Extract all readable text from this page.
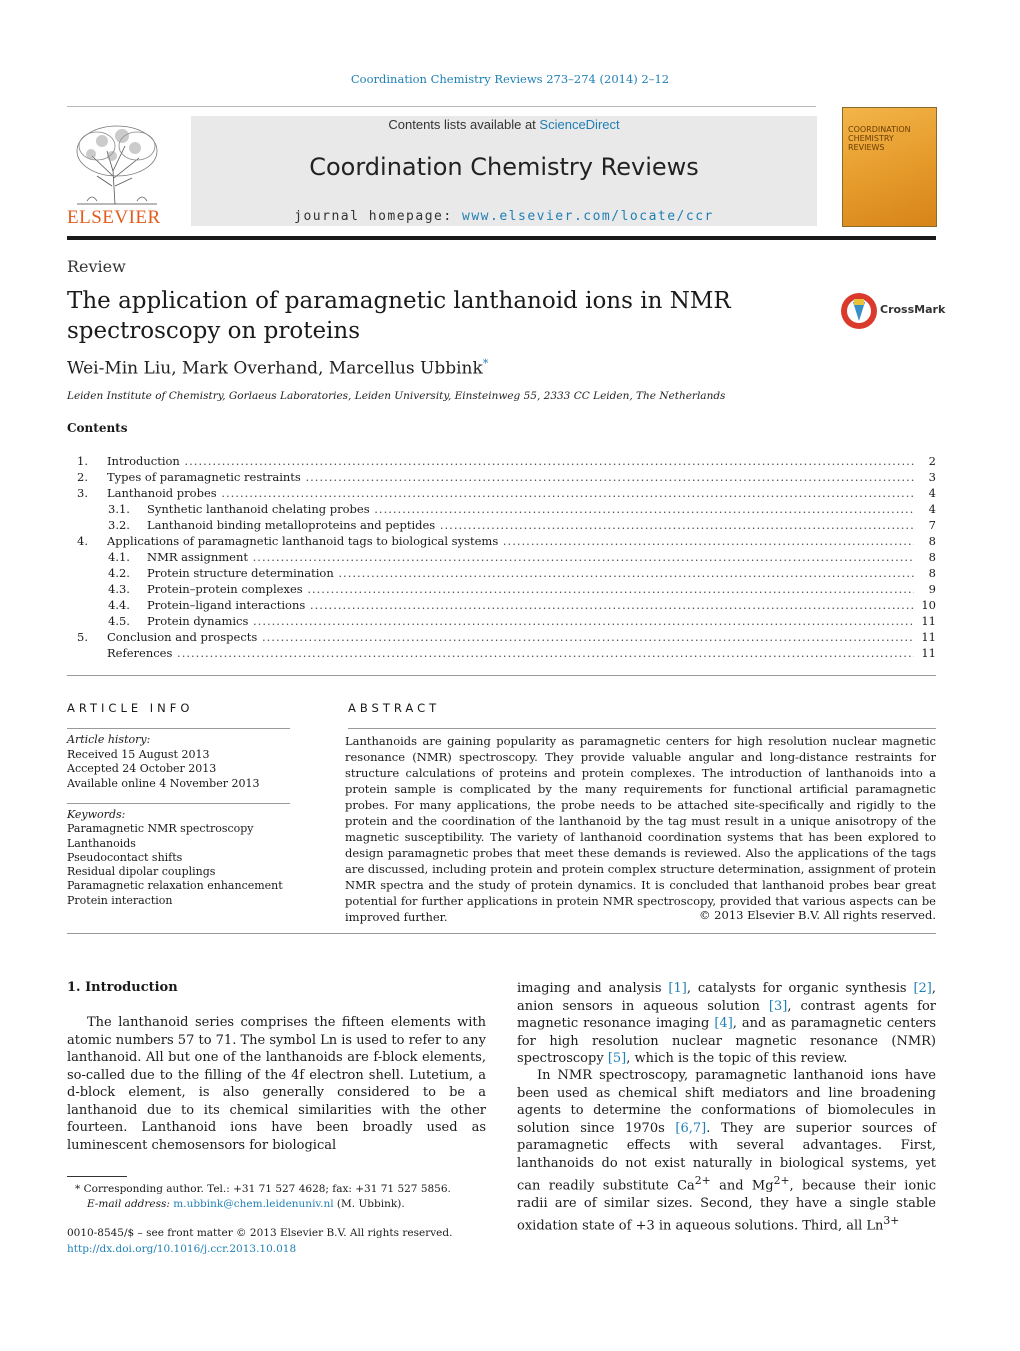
Coordination Chemistry Reviews 273–274 (2014) 2–12
ELSEVIER
Contents lists available at ScienceDirect
Coordination Chemistry Reviews
journal homepage: www.elsevier.com/locate/ccr
COORDINATION CHEMISTRY REVIEWS
Review
The application of paramagnetic lanthanoid ions in NMR spectroscopy on proteins
CrossMark
Wei-Min Liu, Mark Overhand, Marcellus Ubbink*
Leiden Institute of Chemistry, Gorlaeus Laboratories, Leiden University, Einsteinweg 55, 2333 CC Leiden, The Netherlands
Contents
1. Introduction .....	2
2. Types of paramagnetic restraints .....	3
3. Lanthanoid probes .....	4
3.1. Synthetic lanthanoid chelating probes .....	4
3.2. Lanthanoid binding metalloproteins and peptides .....	7
4. Applications of paramagnetic lanthanoid tags to biological systems .....	8
4.1. NMR assignment .....	8
4.2. Protein structure determination .....	8
4.3. Protein–protein complexes .....	9
4.4. Protein–ligand interactions .....	10
4.5. Protein dynamics .....	11
5. Conclusion and prospects .....	11
References .....	11
ARTICLE INFO	ABSTRACT
Article history:
Received 15 August 2013
Accepted 24 October 2013
Available online 4 November 2013
Keywords:
Paramagnetic NMR spectroscopy
Lanthanoids
Pseudocontact shifts
Residual dipolar couplings
Paramagnetic relaxation enhancement
Protein interaction
Lanthanoids are gaining popularity as paramagnetic centers for high resolution nuclear magnetic resonance (NMR) spectroscopy. They provide valuable angular and long-distance restraints for structure calculations of proteins and protein complexes. The introduction of lanthanoids into a protein sample is complicated by the many requirements for functional artificial paramagnetic probes. For many applications, the probe needs to be attached site-specifically and rigidly to the protein and the coordination of the lanthanoid by the tag must result in a unique anisotropy of the magnetic susceptibility. The variety of lanthanoid coordination systems that has been explored to design paramagnetic probes that meet these demands is reviewed. Also the applications of the tags are discussed, including protein and protein complex structure determination, assignment of protein NMR spectra and the study of protein dynamics. It is concluded that lanthanoid probes bear great potential for further applications in protein NMR spectroscopy, provided that various aspects can be improved further.	© 2013 Elsevier B.V. All rights reserved.
1. Introduction
The lanthanoid series comprises the fifteen elements with atomic numbers 57 to 71. The symbol Ln is used to refer to any lanthanoid. All but one of the lanthanoids are f-block elements, so-called due to the filling of the 4f electron shell. Lutetium, a d-block element, is also generally considered to be a lanthanoid due to its chemical similarities with the other fourteen. Lanthanoid ions have been broadly used as luminescent chemosensors for biological
imaging and analysis [1], catalysts for organic synthesis [2], anion sensors in aqueous solution [3], contrast agents for magnetic resonance imaging [4], and as paramagnetic centers for high resolution nuclear magnetic resonance (NMR) spectroscopy [5], which is the topic of this review.
In NMR spectroscopy, paramagnetic lanthanoid ions have been used as chemical shift mediators and line broadening agents to determine the conformations of biomolecules in solution since 1970s [6,7]. They are superior sources of paramagnetic effects with several advantages. First, lanthanoids do not exist naturally in biological systems, yet can readily substitute $Ca^{2+}$ and $Mg^{2+}$, because their ionic radii are of similar sizes. Second, they have a single stable oxidation state of +3 in aqueous solutions. Third, all $Ln^{3+}$
* Corresponding author. Tel.: +31 71 527 4628; fax: +31 71 527 5856.
E-mail address: m.ubbink@chem.leidenuniv.nl (M. Ubbink).
0010-8545/$ – see front matter © 2013 Elsevier B.V. All rights reserved.
http://dx.doi.org/10.1016/j.ccr.2013.10.018
